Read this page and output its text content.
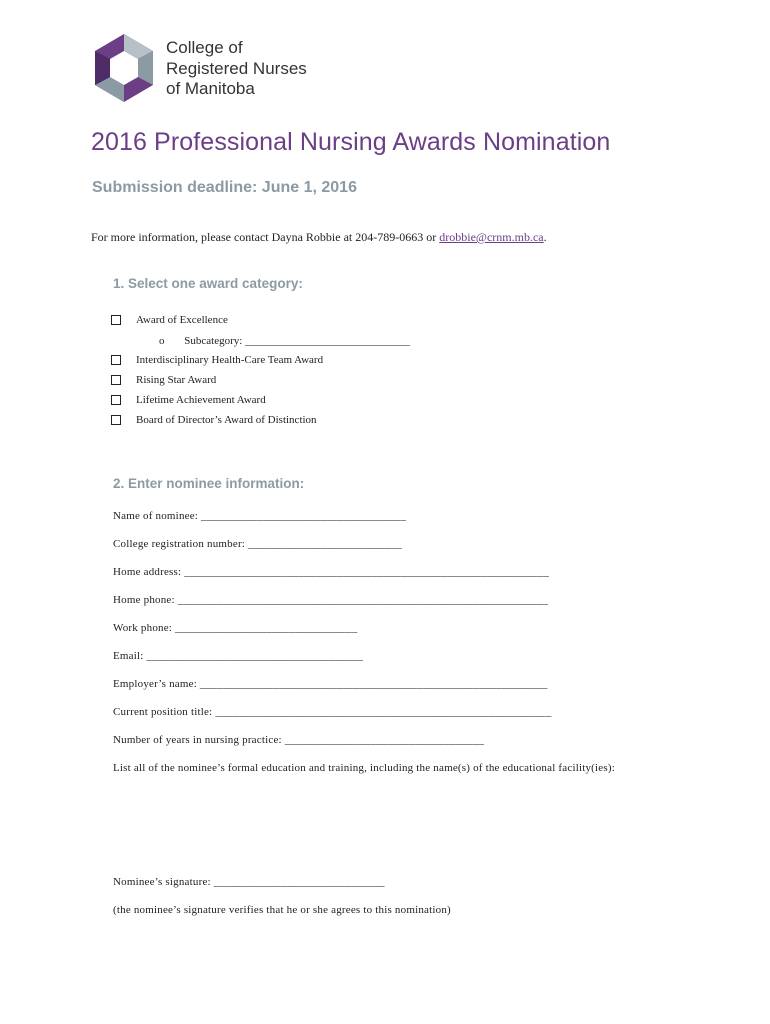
College of
Registered Nurses
of Manitoba
2016 Professional Nursing Awards Nomination
Submission deadline: June 1, 2016
For more information, please contact Dayna Robbie at 204-789-0663 or drobbie@crnm.mb.ca.
1. Select one award category:
Award of Excellence
o Subcategory: ______________________________
Interdisciplinary Health-Care Team Award
Rising Star Award
Lifetime Achievement Award
Board of Director’s Award of Distinction
2. Enter nominee information:
Name of nominee: ____________________________________
College registration number: ___________________________
Home address: ________________________________________________________________
Home phone: _________________________________________________________________
Work phone: ________________________________
Email: ______________________________________
Employer’s name: _____________________________________________________________
Current position title: ___________________________________________________________
Number of years in nursing practice: ___________________________________
List all of the nominee’s formal education and training, including the name(s) of the educational facility(ies):
Nominee’s signature: ______________________________
(the nominee’s signature verifies that he or she agrees to this nomination)
